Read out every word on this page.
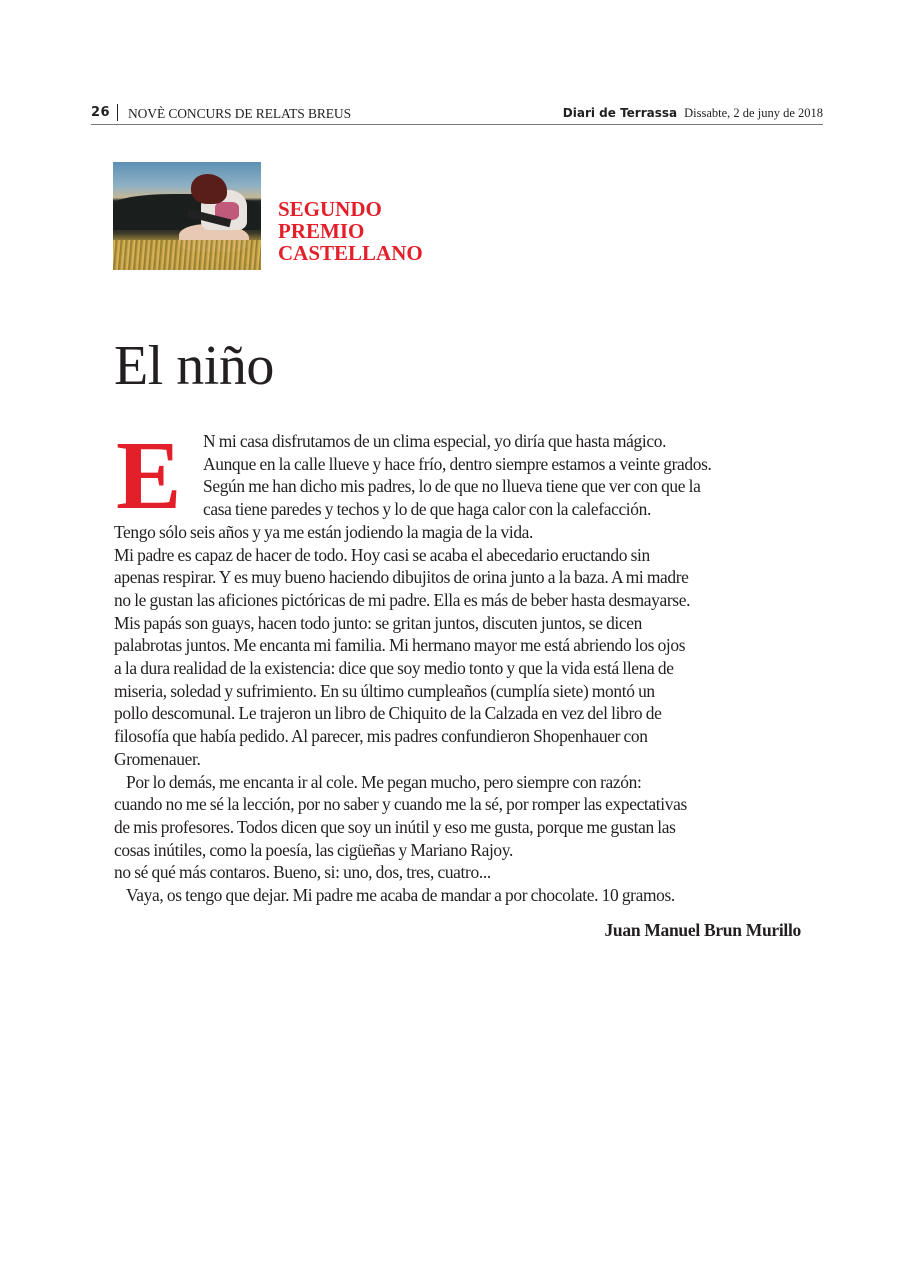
26 NOVÈ CONCURS DE RELATS BREUS	Diari de Terrassa Dissabte, 2 de juny de 2018
SEGUNDO
PREMIO
CASTELLANO
El niño
E	N mi casa disfrutamos de un clima especial, yo diría que hasta mágico.
Aunque en la calle llueve y hace frío, dentro siempre estamos a veinte grados.
Según me han dicho mis padres, lo de que no llueva tiene que ver con que la
casa tiene paredes y techos y lo de que haga calor con la calefacción.
Tengo sólo seis años y ya me están jodiendo la magia de la vida.
Mi padre es capaz de hacer de todo. Hoy casi se acaba el abecedario eructando sin
apenas respirar. Y es muy bueno haciendo dibujitos de orina junto a la baza. A mi madre
no le gustan las aficiones pictóricas de mi padre. Ella es más de beber hasta desmayarse.
Mis papás son guays, hacen todo junto: se gritan juntos, discuten juntos, se dicen
palabrotas juntos. Me encanta mi familia. Mi hermano mayor me está abriendo los ojos
a la dura realidad de la existencia: dice que soy medio tonto y que la vida está llena de
miseria, soledad y sufrimiento. En su último cumpleaños (cumplía siete) montó un
pollo descomunal. Le trajeron un libro de Chiquito de la Calzada en vez del libro de
filosofía que había pedido. Al parecer, mis padres confundieron Shopenhauer con
Gromenauer.
Por lo demás, me encanta ir al cole. Me pegan mucho, pero siempre con razón:
cuando no me sé la lección, por no saber y cuando me la sé, por romper las expectativas
de mis profesores. Todos dicen que soy un inútil y eso me gusta, porque me gustan las
cosas inútiles, como la poesía, las cigüeñas y Mariano Rajoy.
no sé qué más contaros. Bueno, si: uno, dos, tres, cuatro...
Vaya, os tengo que dejar. Mi padre me acaba de mandar a por chocolate. 10 gramos.
Juan Manuel Brun Murillo
